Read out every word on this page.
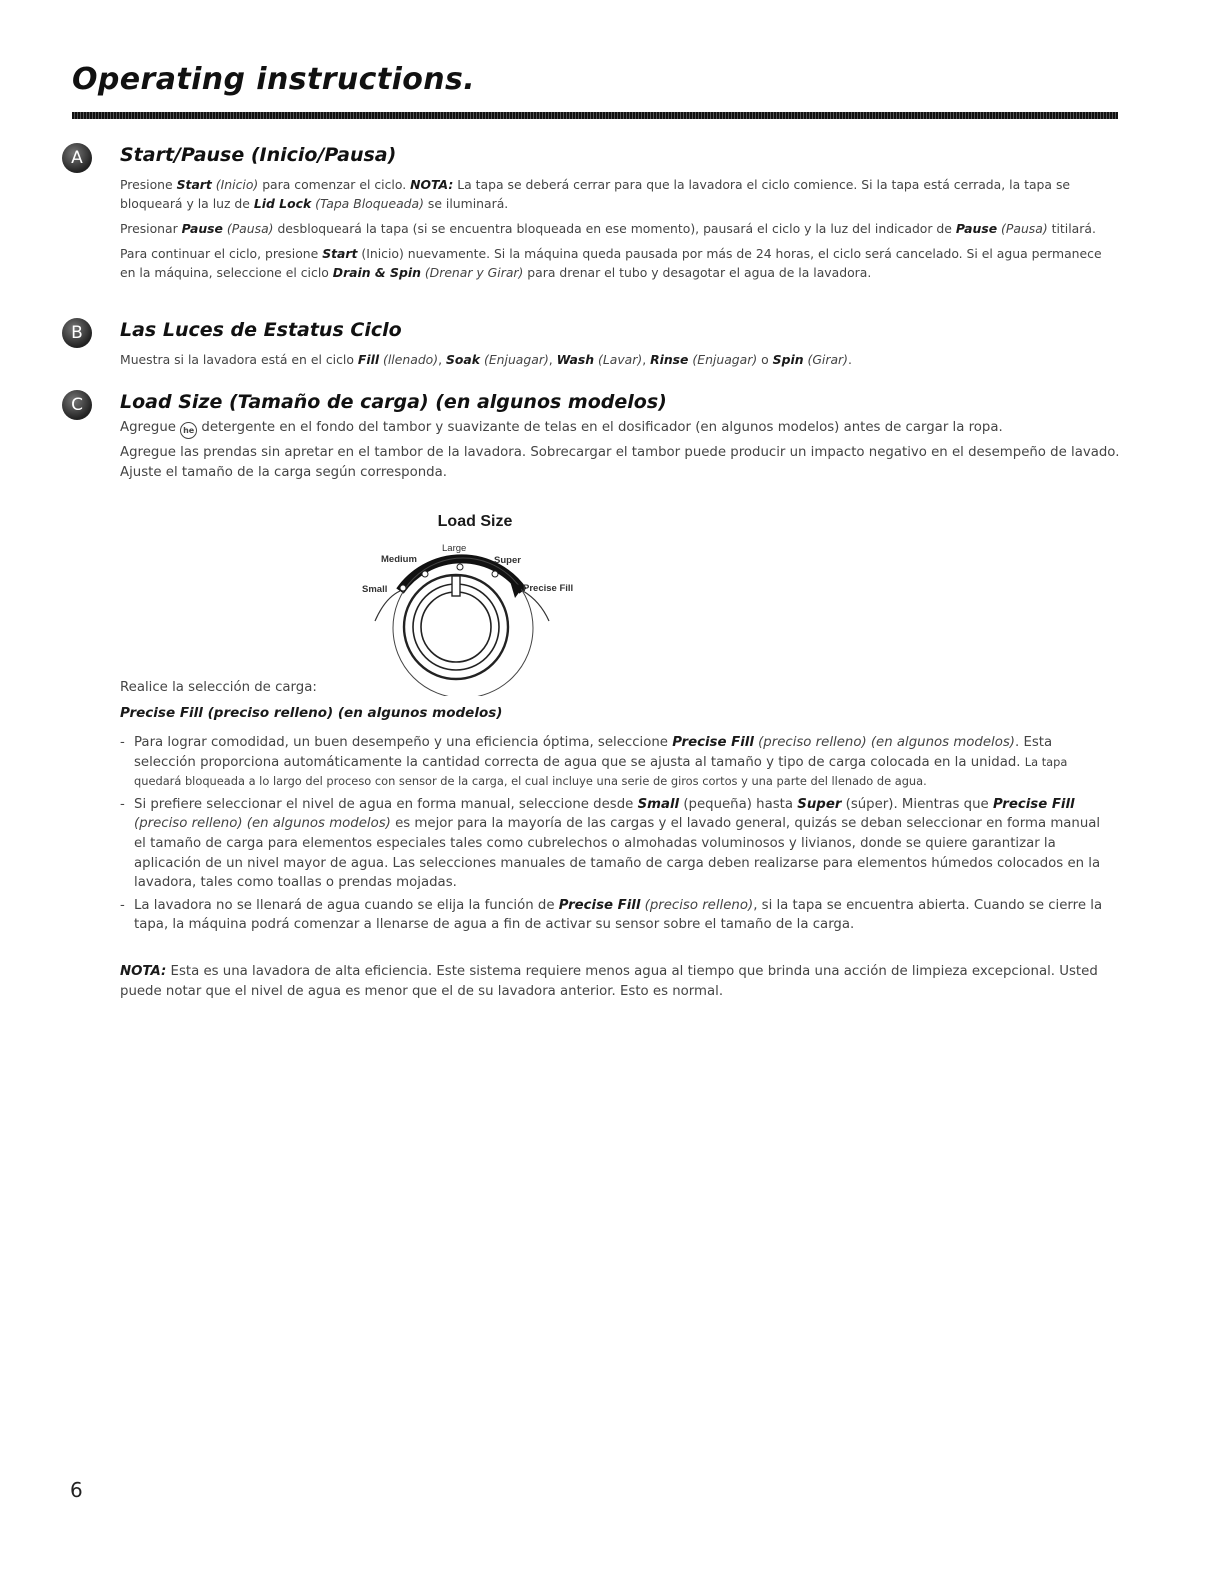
Operating instructions.
A	Start/Pause (Inicio/Pausa)

Presione Start (Inicio) para comenzar el ciclo. NOTA: La tapa se deberá cerrar para que la lavadora el ciclo comience. Si la tapa está cerrada, la tapa se bloqueará y la luz de Lid Lock (Tapa Bloqueada) se iluminará.

Presionar Pause (Pausa) desbloqueará la tapa (si se encuentra bloqueada en ese momento), pausará el ciclo y la luz del indicador de Pause (Pausa) titilará.

Para continuar el ciclo, presione Start (Inicio) nuevamente. Si la máquina queda pausada por más de 24 horas, el ciclo será cancelado. Si el agua permanece en la máquina, seleccione el ciclo Drain & Spin (Drenar y Girar) para drenar el tubo y desagotar el agua de la lavadora.

B	Las Luces de Estatus Ciclo

Muestra si la lavadora está en el ciclo Fill (llenado), Soak (Enjuagar), Wash (Lavar), Rinse (Enjuagar) o Spin (Girar).

C	Load Size (Tamaño de carga) (en algunos modelos)

Agregue he detergente en el fondo del tambor y suavizante de telas en el dosificador (en algunos modelos) antes de cargar la ropa.

Agregue las prendas sin apretar en el tambor de la lavadora. Sobrecargar el tambor puede producir un impacto negativo en el desempeño de lavado. Ajuste el tamaño de la carga según corresponda.

Load Size
Small
Medium
Large
Super
Precise Fill
Realice la selección de carga:
Precise Fill (preciso relleno) (en algunos modelos)
- Para lograr comodidad, un buen desempeño y una eficiencia óptima, seleccione Precise Fill (preciso relleno) (en algunos modelos). Esta selección proporciona automáticamente la cantidad correcta de agua que se ajusta al tamaño y tipo de carga colocada en la unidad. La tapa quedará bloqueada a lo largo del proceso con sensor de la carga, el cual incluye una serie de giros cortos y una parte del llenado de agua.
- Si prefiere seleccionar el nivel de agua en forma manual, seleccione desde Small (pequeña) hasta Super (súper). Mientras que Precise Fill (preciso relleno) (en algunos modelos) es mejor para la mayoría de las cargas y el lavado general, quizás se deban seleccionar en forma manual el tamaño de carga para elementos especiales tales como cubrelechos o almohadas voluminosos y livianos, donde se quiere garantizar la aplicación de un nivel mayor de agua. Las selecciones manuales de tamaño de carga deben realizarse para elementos húmedos colocados en la lavadora, tales como toallas o prendas mojadas.
- La lavadora no se llenará de agua cuando se elija la función de Precise Fill (preciso relleno), si la tapa se encuentra abierta. Cuando se cierre la tapa, la máquina podrá comenzar a llenarse de agua a fin de activar su sensor sobre el tamaño de la carga.

NOTA: Esta es una lavadora de alta eficiencia. Este sistema requiere menos agua al tiempo que brinda una acción de limpieza excepcional. Usted puede notar que el nivel de agua es menor que el de su lavadora anterior. Esto es normal.

6
